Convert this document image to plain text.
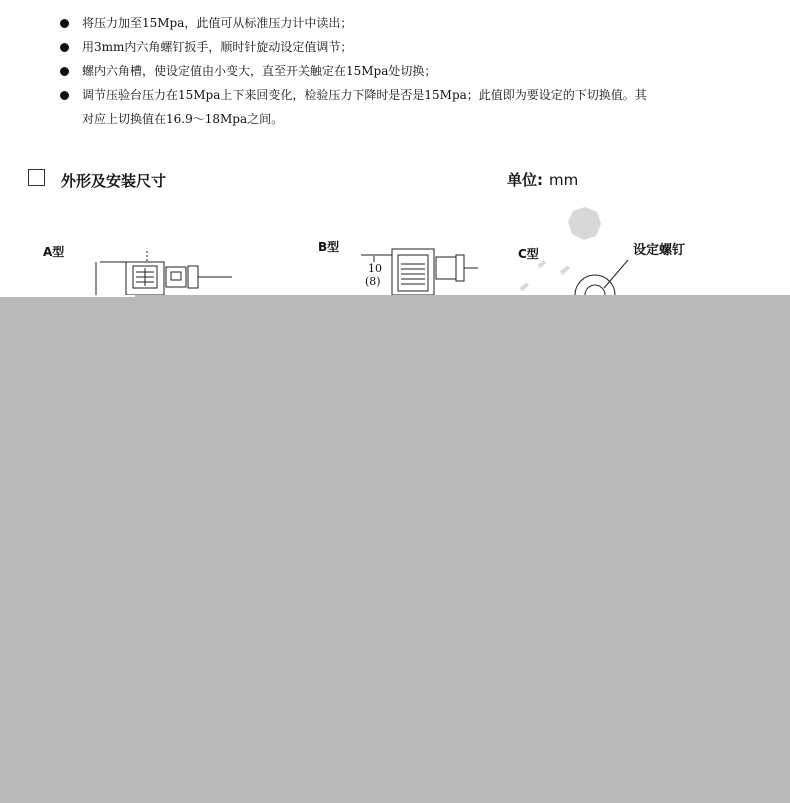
将压力加至15Mpa，此值可从标准压力计中读出；
用3mm内六角螺钉扳手，顺时针旋动设定值调节；
螺内六角槽，使设定值由小变大，直至开关触定在15Mpa处切换；
调节压验台压力在15Mpa上下来回变化，检验压力下降时是否是15Mpa；此值即为要设定的下切换值。其
对应上切换值在16.9～18Mpa之间。
外形及安装尺寸	单位: mm
A型	B型	C型	设定螺钉
10
(8)
